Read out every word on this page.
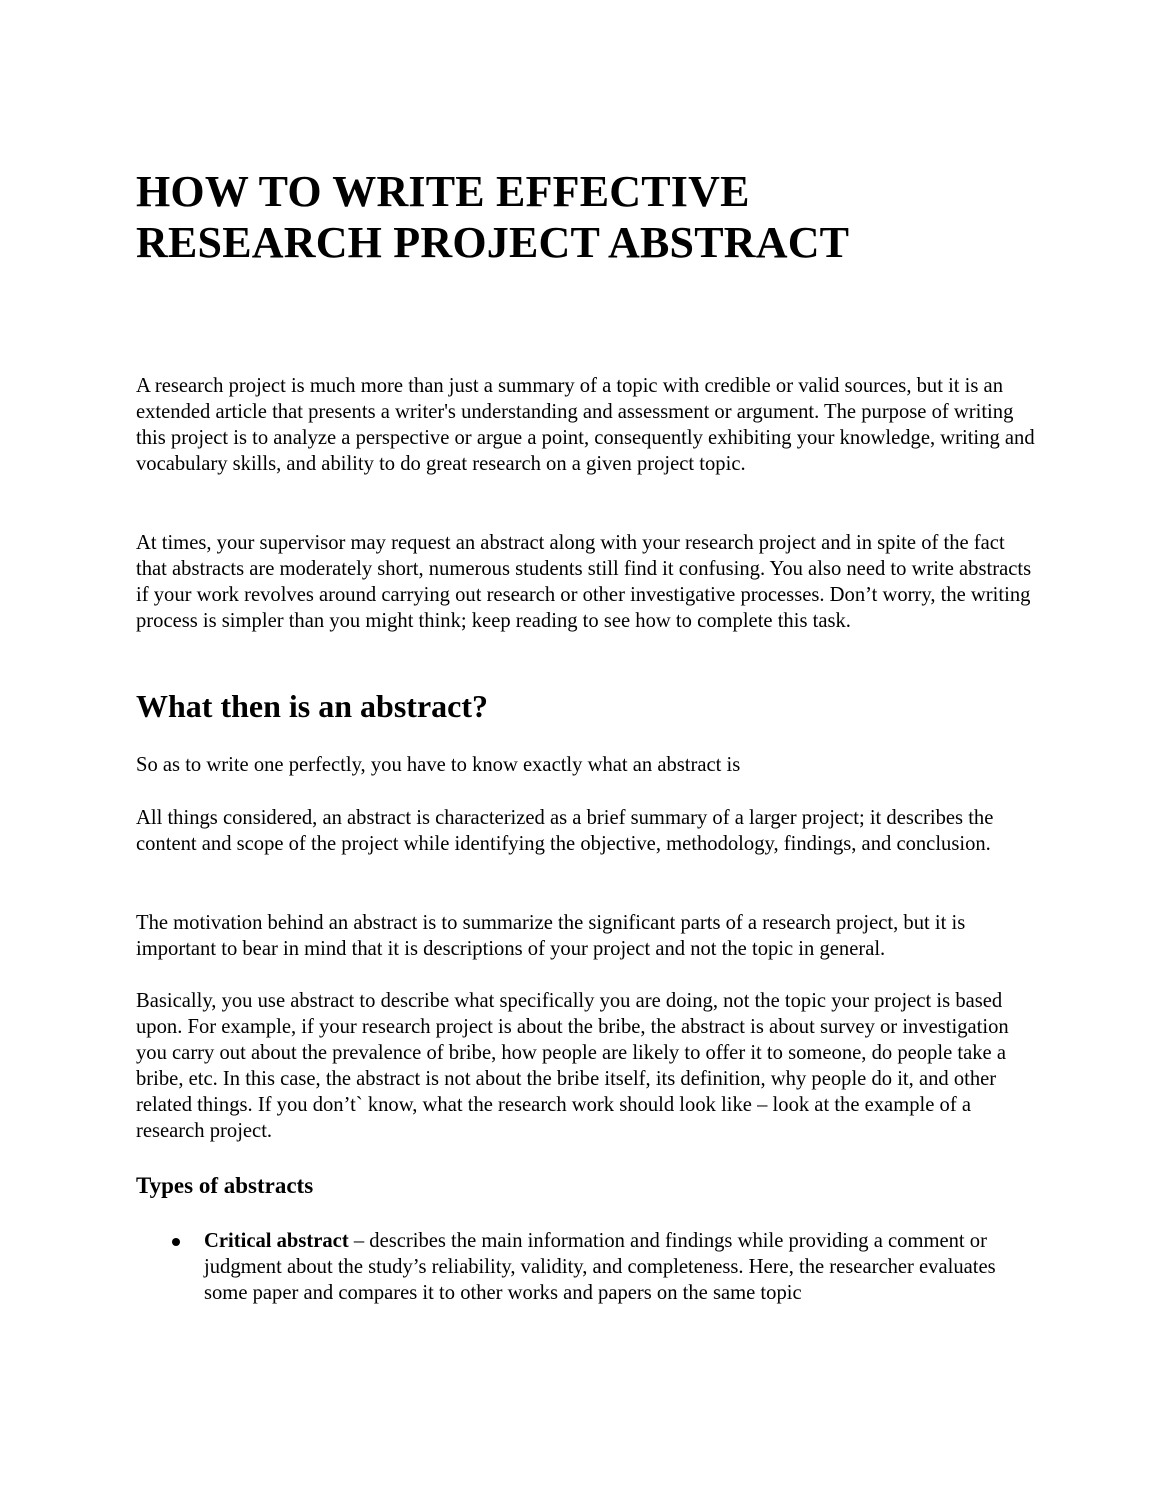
HOW TO WRITE EFFECTIVE
RESEARCH PROJECT ABSTRACT

A research project is much more than just a summary of a topic with credible or valid sources, but it is an extended article that presents a writer's understanding and assessment or argument. The purpose of writing this project is to analyze a perspective or argue a point, consequently exhibiting your knowledge, writing and vocabulary skills, and ability to do great research on a given project topic.

At times, your supervisor may request an abstract along with your research project and in spite of the fact that abstracts are moderately short, numerous students still find it confusing. You also need to write abstracts if your work revolves around carrying out research or other investigative processes. Don’t worry, the writing process is simpler than you might think; keep reading to see how to complete this task.

What then is an abstract?

So as to write one perfectly, you have to know exactly what an abstract is

All things considered, an abstract is characterized as a brief summary of a larger project; it describes the content and scope of the project while identifying the objective, methodology, findings, and conclusion.

The motivation behind an abstract is to summarize the significant parts of a research project, but it is important to bear in mind that it is descriptions of your project and not the topic in general.

Basically, you use abstract to describe what specifically you are doing, not the topic your project is based upon. For example, if your research project is about the bribe, the abstract is about survey or investigation you carry out about the prevalence of bribe, how people are likely to offer it to someone, do people take a bribe, etc. In this case, the abstract is not about the bribe itself, its definition, why people do it, and other related things. If you don’t` know, what the research work should look like – look at the example of a research project.

Types of abstracts
Critical abstract – describes the main information and findings while providing a comment or judgment about the study’s reliability, validity, and completeness. Here, the researcher evaluates some paper and compares it to other works and papers on the same topic
